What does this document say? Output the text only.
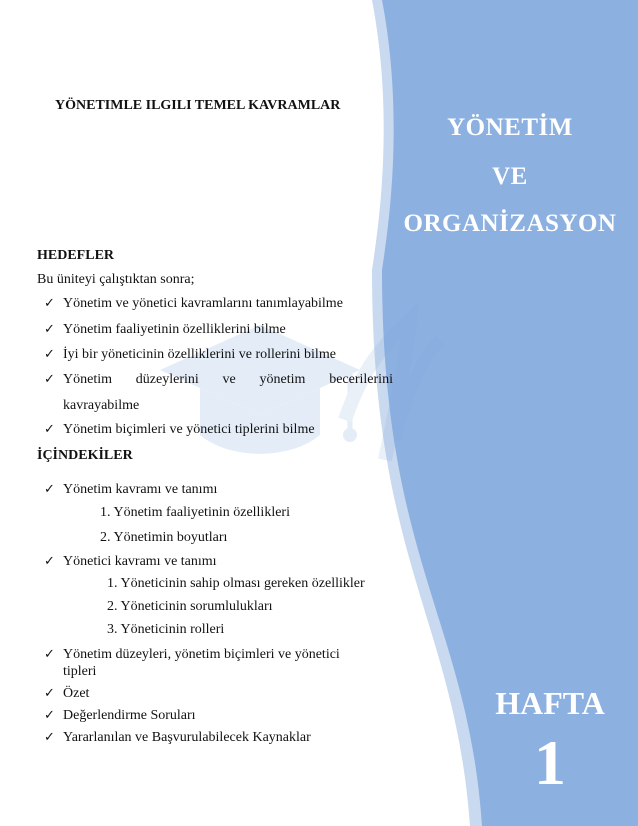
YÖNETIMLE ILGILI TEMEL KAVRAMLAR
YÖNETİM
VE
ORGANİZASYON
HAFTA
1
HEDEFLER
Bu üniteyi çalıştıktan sonra;
✓ Yönetim ve yönetici kavramlarını tanımlayabilme
✓ Yönetim faaliyetinin özelliklerini bilme
✓ İyi bir yöneticinin özelliklerini ve rollerini bilme
✓ Yönetim düzeylerini ve yönetim becerilerini
kavrayabilme
✓ Yönetim biçimleri ve yönetici tiplerini bilme
İÇİNDEKİLER
✓ Yönetim kavramı ve tanımı
1. Yönetim faaliyetinin özellikleri
2. Yönetimin boyutları
✓ Yönetici kavramı ve tanımı
1. Yöneticinin sahip olması gereken özellikler
2. Yöneticinin sorumlulukları
3. Yöneticinin rolleri
✓ Yönetim düzeyleri, yönetim biçimleri ve yönetici
tipleri
✓ Özet
✓ Değerlendirme Soruları
✓ Yararlanılan ve Başvurulabilecek Kaynaklar
